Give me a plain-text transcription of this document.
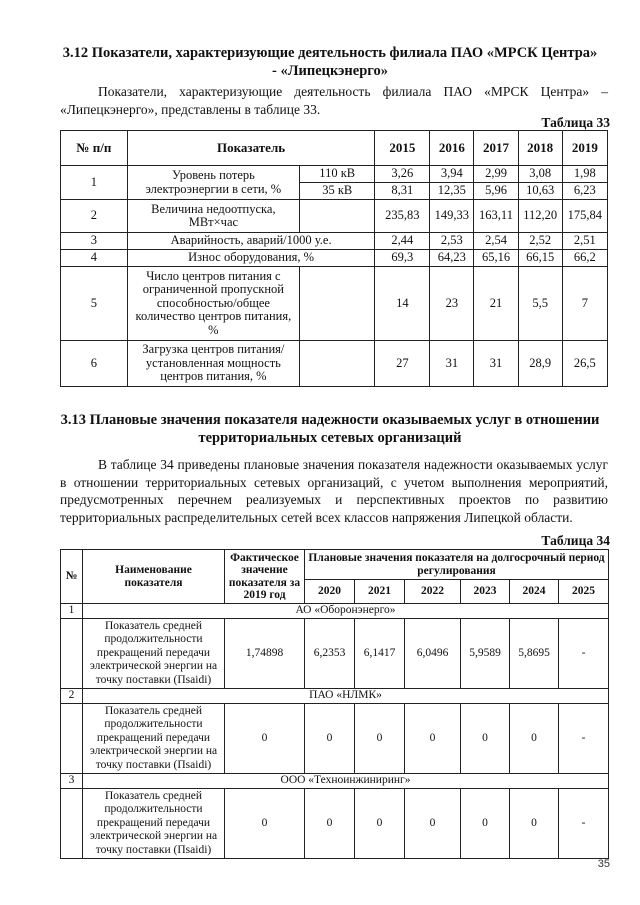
3.12 Показатели, характеризующие деятельность филиала ПАО «МРСК Центра» - «Липецкэнерго»
Показатели, характеризующие деятельность филиала ПАО «МРСК Центра» – «Липецкэнерго», представлены в таблице 33.
Таблица 33
№ п/п	Показатель		2015	2016	2017	2018	2019
1	Уровень потерь электроэнергии в сети, %	110 кВ	3,26	3,94	2,99	3,08	1,98
		35 кВ	8,31	12,35	5,96	10,63	6,23
2	Величина недоотпуска, МВт×час		235,83	149,33	163,11	112,20	175,84
3	Аварийность, аварий/1000 у.е.		2,44	2,53	2,54	2,52	2,51
4	Износ оборудования, %		69,3	64,23	65,16	66,15	66,2
5	Число центров питания с ограниченной пропускной способностью/общее количество центров питания, %		14	23	21	5,5	7
6	Загрузка центров питания/ установленная мощность центров питания, %		27	31	31	28,9	26,5
3.13 Плановые значения показателя надежности оказываемых услуг в отношении территориальных сетевых организаций
В таблице 34 приведены плановые значения показателя надежности оказываемых услуг в отношении территориальных сетевых организаций, с учетом выполнения мероприятий, предусмотренных перечнем реализуемых и перспективных проектов по развитию территориальных распределительных сетей всех классов напряжения Липецкой области.
Таблица 34
№	Наименование показателя	Фактическое значение показателя за 2019 год	Плановые значения показателя на долгосрочный период регулирования					
			2020	2021	2022	2023	2024	2025
1	АО «Оборонэнерго»							
	Показатель средней продолжительности прекращений передачи электрической энергии на точку поставки (Пsaidi)	1,74898	6,2353	6,1417	6,0496	5,9589	5,8695	-
2	ПАО «НЛМК»							
	Показатель средней продолжительности прекращений передачи электрической энергии на точку поставки (Пsaidi)	0	0	0	0	0	0	-
3	ООО «Техноинжиниринг»							
	Показатель средней продолжительности прекращений передачи электрической энергии на точку поставки (Пsaidi)	0	0	0	0	0	0	-
35
